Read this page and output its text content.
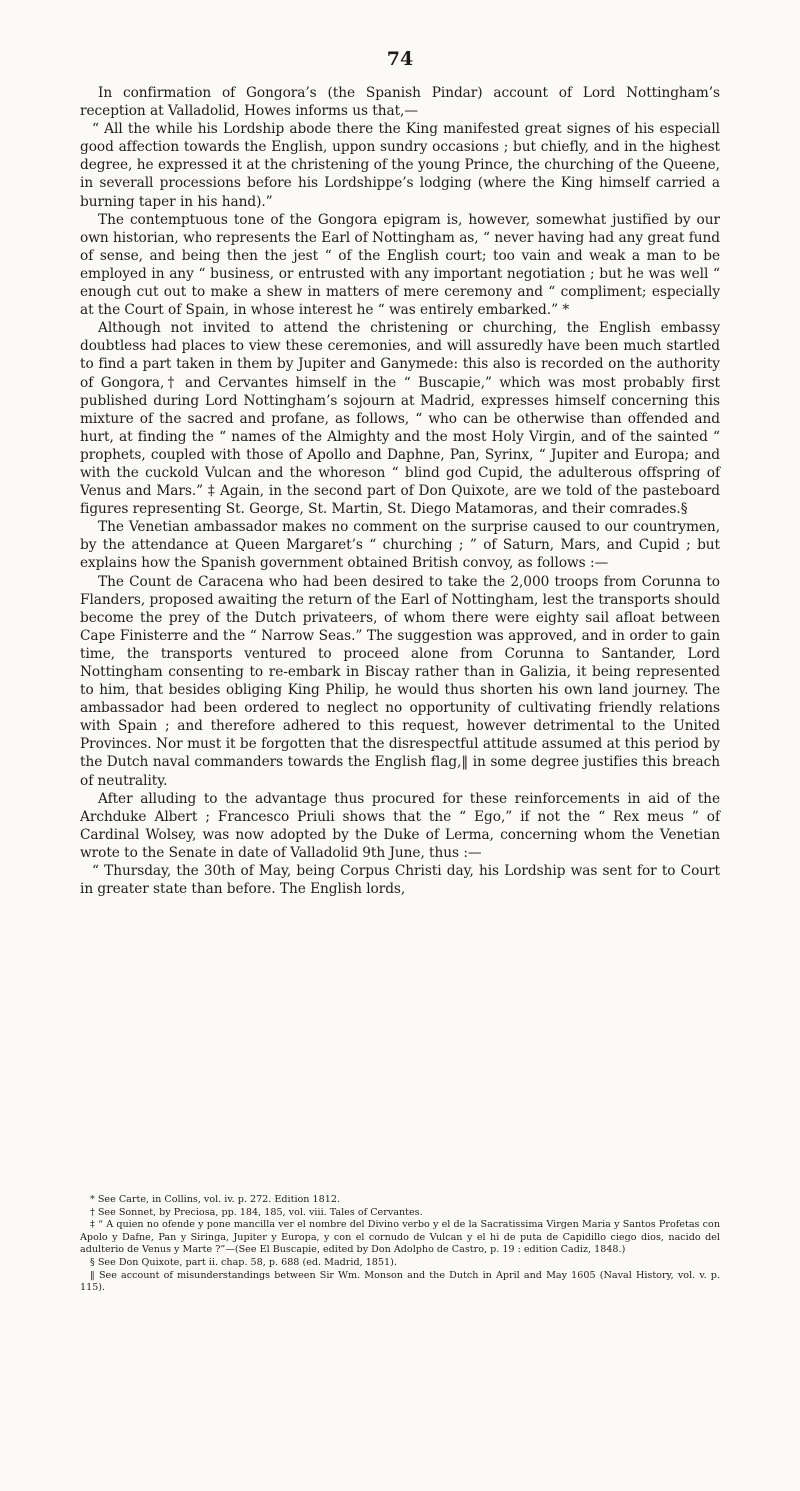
74

In confirmation of Gongora’s (the Spanish Pindar) account of Lord Nottingham’s reception at Valladolid, Howes informs us that,—

“ All the while his Lordship abode there the King manifested great signes of his especiall good affection towards the English, uppon sundry occasions ; but chiefly, and in the highest degree, he expressed it at the christening of the young Prince, the churching of the Queene, in severall processions before his Lordshippe’s lodging (where the King himself carried a burning taper in his hand).”

The contemptuous tone of the Gongora epigram is, however, somewhat justified by our own historian, who represents the Earl of Nottingham as, “ never having had any great fund of sense, and being then the jest “ of the English court; too vain and weak a man to be employed in any “ business, or entrusted with any important negotiation ; but he was well “ enough cut out to make a shew in matters of mere ceremony and “ compliment; especially at the Court of Spain, in whose interest he “ was entirely embarked.” *

Although not invited to attend the christening or churching, the English embassy doubtless had places to view these ceremonies, and will assuredly have been much startled to find a part taken in them by Jupiter and Ganymede: this also is recorded on the authority of Gongora,† and Cervantes himself in the “ Buscapie,” which was most probably first published during Lord Nottingham’s sojourn at Madrid, expresses himself concerning this mixture of the sacred and profane, as follows, “ who can be otherwise than offended and hurt, at finding the “ names of the Almighty and the most Holy Virgin, and of the sainted “ prophets, coupled with those of Apollo and Daphne, Pan, Syrinx, “ Jupiter and Europa; and with the cuckold Vulcan and the whoreson “ blind god Cupid, the adulterous offspring of Venus and Mars.” ‡ Again, in the second part of Don Quixote, are we told of the pasteboard figures representing St. George, St. Martin, St. Diego Matamoras, and their comrades.§

The Venetian ambassador makes no comment on the surprise caused to our countrymen, by the attendance at Queen Margaret’s “ churching ; ” of Saturn, Mars, and Cupid ; but explains how the Spanish government obtained British convoy, as follows :—

The Count de Caracena who had been desired to take the 2,000 troops from Corunna to Flanders, proposed awaiting the return of the Earl of Nottingham, lest the transports should become the prey of the Dutch privateers, of whom there were eighty sail afloat between Cape Finisterre and the “ Narrow Seas.” The suggestion was approved, and in order to gain time, the transports ventured to proceed alone from Corunna to Santander, Lord Nottingham consenting to re-embark in Biscay rather than in Galizia, it being represented to him, that besides obliging King Philip, he would thus shorten his own land journey. The ambassador had been ordered to neglect no opportunity of cultivating friendly relations with Spain ; and therefore adhered to this request, however detrimental to the United Provinces. Nor must it be forgotten that the disrespectful attitude assumed at this period by the Dutch naval commanders towards the English flag,‖ in some degree justifies this breach of neutrality.

After alluding to the advantage thus procured for these reinforcements in aid of the Archduke Albert ; Francesco Priuli shows that the “ Ego,” if not the “ Rex meus ” of Cardinal Wolsey, was now adopted by the Duke of Lerma, concerning whom the Venetian wrote to the Senate in date of Valladolid 9th June, thus :—

“ Thursday, the 30th of May, being Corpus Christi day, his Lordship was sent for to Court in greater state than before. The English lords,

* See Carte, in Collins, vol. iv. p. 272. Edition 1812.

† See Sonnet, by Preciosa, pp. 184, 185, vol. viii. Tales of Cervantes.

‡ “ A quien no ofende y pone mancilla ver el nombre del Divino verbo y el de la Sacratissima Virgen Maria y Santos Profetas con Apolo y Dafne, Pan y Siringa, Jupiter y Europa, y con el cornudo de Vulcan y el hi de puta de Capidillo ciego dios, nacido del adulterio de Venus y Marte ?”—(See El Buscapie, edited by Don Adolpho de Castro, p. 19 : edition Cadiz, 1848.)

§ See Don Quixote, part ii. chap. 58, p. 688 (ed. Madrid, 1851).

‖ See account of misunderstandings between Sir Wm. Monson and the Dutch in April and May 1605 (Naval History, vol. v. p. 115).
